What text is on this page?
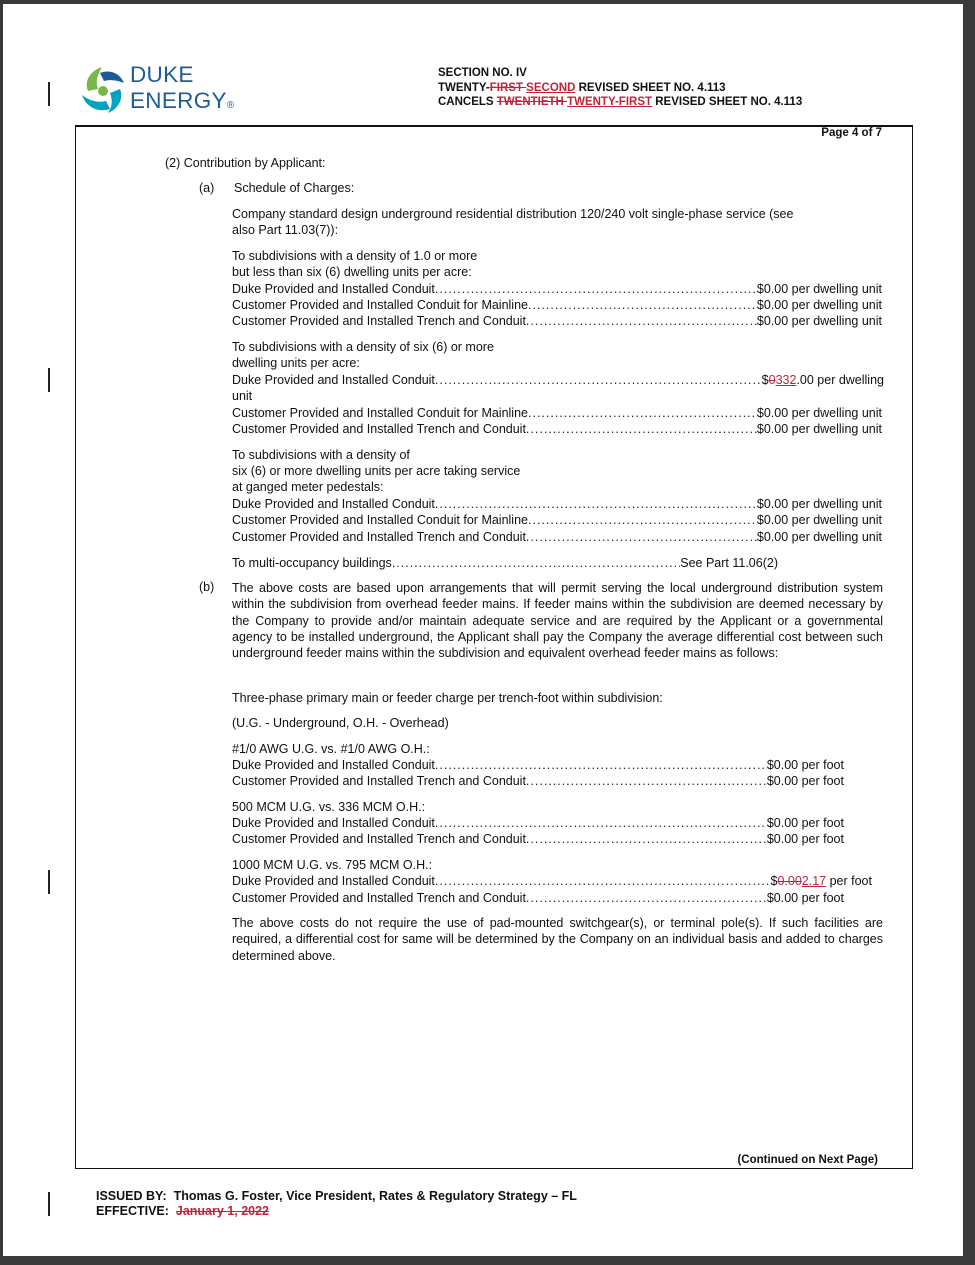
DUKE
ENERGY®
SECTION NO. IV
TWENTY-FIRST SECOND REVISED SHEET NO. 4.113
CANCELS TWENTIETH TWENTY-FIRST REVISED SHEET NO. 4.113
Page 4 of 7
(Continued on Next Page)
(2) Contribution by Applicant:
(a) Schedule of Charges:
Company standard design underground residential distribution 120/240 volt single-phase service (see
also Part 11.03(7)):
To subdivisions with a density of 1.0 or more
but less than six (6) dwelling units per acre:
Duke Provided and Installed Conduit .....	$0.00 per dwelling unit
Customer Provided and Installed Conduit for Mainline .....	$0.00 per dwelling unit
Customer Provided and Installed Trench and Conduit .....	$0.00 per dwelling unit
To subdivisions with a density of six (6) or more
dwelling units per acre:
Duke Provided and Installed Conduit .....	$0332.00 per dwelling
unit
Customer Provided and Installed Conduit for Mainline .....	$0.00 per dwelling unit
Customer Provided and Installed Trench and Conduit .....	$0.00 per dwelling unit
To subdivisions with a density of
six (6) or more dwelling units per acre taking service
at ganged meter pedestals:
Duke Provided and Installed Conduit .....	$0.00 per dwelling unit
Customer Provided and Installed Conduit for Mainline .....	$0.00 per dwelling unit
Customer Provided and Installed Trench and Conduit .....	$0.00 per dwelling unit
To multi-occupancy buildings .....	See Part 11.06(2)
(b) The above costs are based upon arrangements that will permit serving the local underground distribution system within the subdivision from overhead feeder mains. If feeder mains within the subdivision are deemed necessary by the Company to provide and/or maintain adequate service and are required by the Applicant or a governmental agency to be installed underground, the Applicant shall pay the Company the average differential cost between such underground feeder mains within the subdivision and equivalent overhead feeder mains as follows:
Three-phase primary main or feeder charge per trench-foot within subdivision:
(U.G. - Underground, O.H. - Overhead)
#1/0 AWG U.G. vs. #1/0 AWG O.H.:
Duke Provided and Installed Conduit .....	$0.00 per foot
Customer Provided and Installed Trench and Conduit .....	$0.00 per foot
500 MCM U.G. vs. 336 MCM O.H.:
Duke Provided and Installed Conduit .....	$0.00 per foot
Customer Provided and Installed Trench and Conduit .....	$0.00 per foot
1000 MCM U.G. vs. 795 MCM O.H.:
Duke Provided and Installed Conduit .....	$0.002.17 per foot
Customer Provided and Installed Trench and Conduit .....	$0.00 per foot
The above costs do not require the use of pad-mounted switchgear(s), or terminal pole(s). If such facilities are required, a differential cost for same will be determined by the Company on an individual basis and added to charges determined above.
ISSUED BY: Thomas G. Foster, Vice President, Rates & Regulatory Strategy – FL
EFFECTIVE: January 1, 2022
